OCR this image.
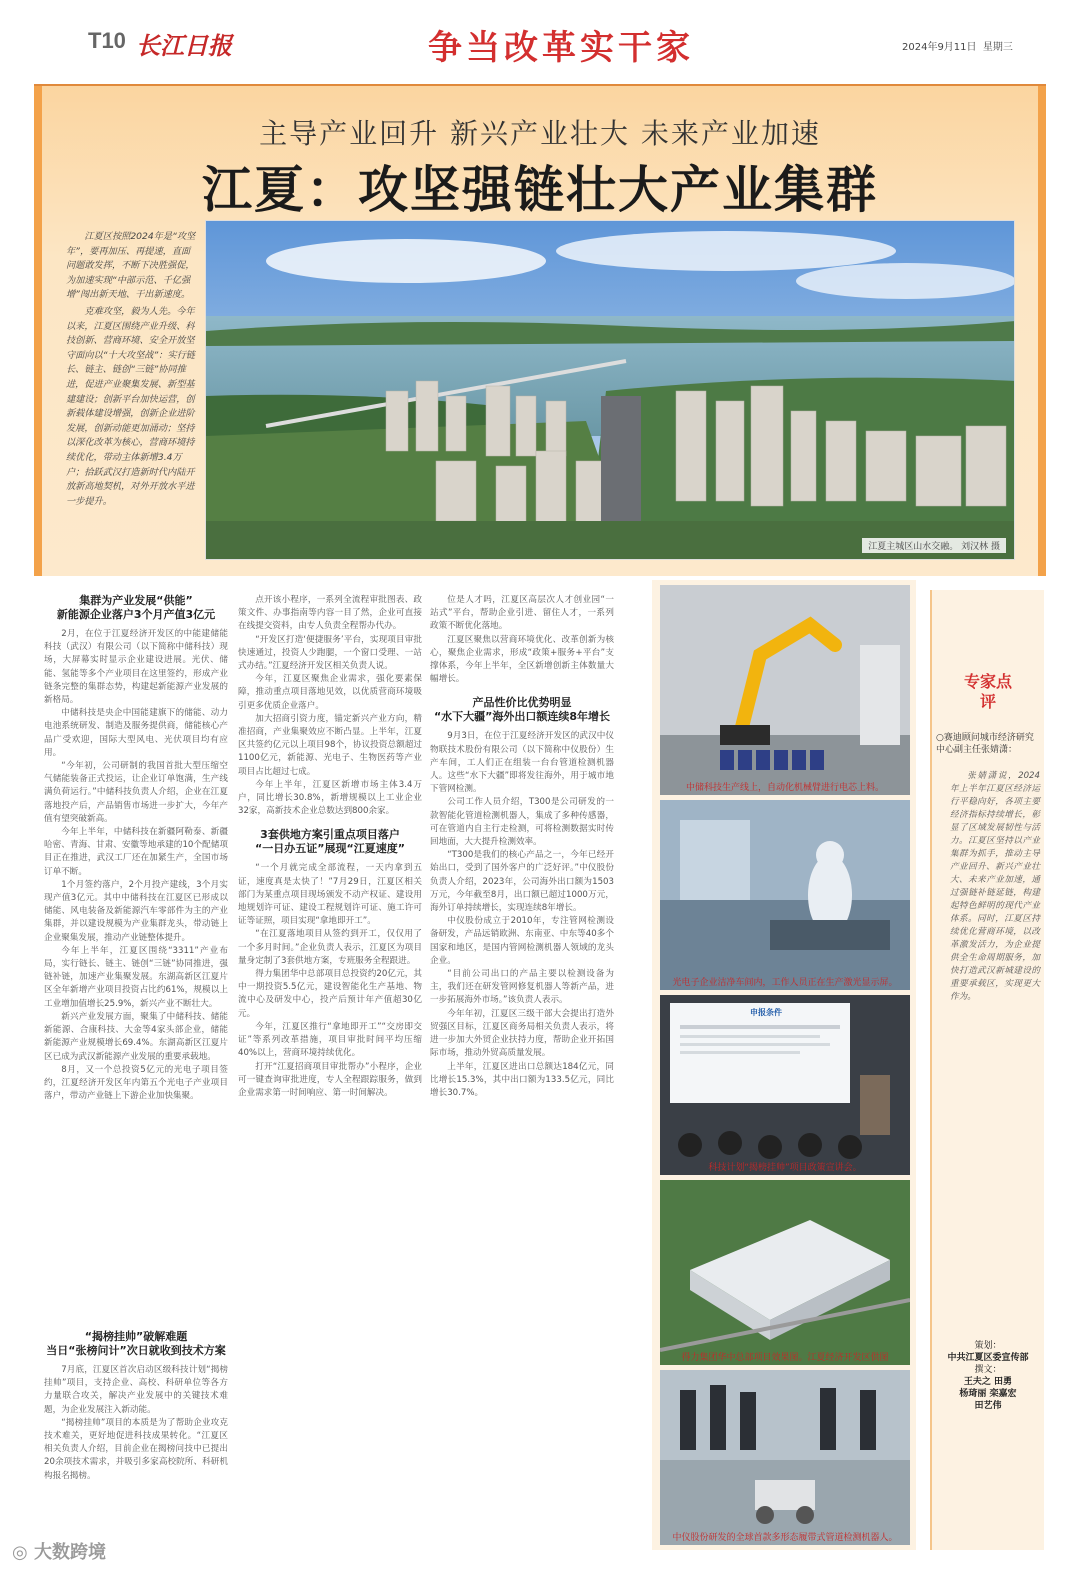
T10 长江日报	争当改革实干家	2024年9月11日 星期三
主导产业回升 新兴产业壮大 未来产业加速
江夏：攻坚强链壮大产业集群

江夏区按照2024年是“攻坚年”，要再加压、再提速，直面问题敢发挥，不断下决胜强促，为加速实现“中部示范、千亿强增”闯出新天地、干出新速度。

克难攻坚，毅为人先。今年以来，江夏区围绕产业升级、科技创新、营商环境、安全开放坚守面向以“十大攻坚战”：实行链长、链主、链创“三链”协同推进，促进产业聚集发展、新型基建建设；创新平台加快运营，创新载体建设增强，创新企业进阶发展，创新动能更加涌动；坚持以深化改革为核心，营商环境持续优化，带动主体新增3.4万户；拾跃武汉打造新时代内陆开放新高地契机，对外开放水平进一步提升。

江夏主城区山水交融。 刘汉林 摄
集群为产业发展“供能”
新能源企业落户3个月产值3亿元

2月，在位于江夏经济开发区的中能建储能科技（武汉）有限公司（以下简称中储科技）现场，大屏幕实时显示企业建设进展。光伏、储能、氢能等多个产业项目在这里签约，形成产业链条完整的集群态势，构建起新能源产业发展的新格局。

中储科技是央企中国能建旗下的储能、动力电池系统研发、制造及服务提供商，储能核心产品广受欢迎，国际大型风电、光伏项目均有应用。

“今年初，公司研制的我国首批大型压缩空气储能装备正式投运，让企业订单饱满，生产线满负荷运行。”中储科技负责人介绍，企业在江夏落地投产后，产品销售市场进一步扩大，今年产值有望突破新高。

今年上半年，中储科技在新疆阿勒泰、新疆哈密、青海、甘肃、安徽等地承建的10个配储项目正在推进，武汉工厂还在加紧生产，全国市场订单不断。

1个月签约落户，2个月投产建线，3个月实现产值3亿元。其中中储科技在江夏区已形成以储能、风电装备及新能源汽车零部件为主的产业集群，并以建设规模为产业集群龙头，带动链上企业聚集发展，推动产业链整体提升。

今年上半年，江夏区围绕“3311”产业布局，实行链长、链主、链创“三链”协同推进，强链补链，加速产业集聚发展。东湖高新区江夏片区全年新增产业项目投资占比约61%，规模以上工业增加值增长25.9%，新兴产业不断壮大。

新兴产业发展方面，聚集了中储科技、储能新能源、合康科技、大金等4家头部企业，储能新能源产业规模增长69.4%。东湖高新区江夏片区已成为武汉新能源产业发展的重要承载地。

8月，又一个总投资5亿元的光电子项目签约，江夏经济开发区年内第五个光电子产业项目落户，带动产业链上下游企业加快集聚。

“揭榜挂帅”破解难题
当日“张榜问计”次日就收到技术方案

7月底，江夏区首次启动区级科技计划“揭榜挂帅”项目，支持企业、高校、科研单位等各方力量联合攻关，解决产业发展中的关键技术难题，为企业发展注入新动能。

“揭榜挂帅”项目的本质是为了帮助企业攻克技术难关，更好地促进科技成果转化。“江夏区相关负责人介绍，目前企业在揭榜问技中已提出20余项技术需求，并吸引多家高校院所、科研机构报名揭榜。

点开该小程序，一系列全流程审批图表、政策文件、办事指南等内容一目了然，企业可直接在线提交资料，由专人负责全程帮办代办。

“开发区打造‘便捷服务’平台，实现项目审批快速通过，投资人少跑腿，一个窗口受理、一站式办结。”江夏经济开发区相关负责人说。

今年，江夏区聚焦企业需求，强化要素保障，推动重点项目落地见效，以优质营商环境吸引更多优质企业落户。

加大招商引资力度，锚定新兴产业方向，精准招商，产业集聚效应不断凸显。上半年，江夏区共签约亿元以上项目98个，协议投资总额超过1100亿元，新能源、光电子、生物医药等产业项目占比超过七成。

今年上半年，江夏区新增市场主体3.4万户，同比增长30.8%，新增规模以上工业企业32家，高新技术企业总数达到800余家。

3套供地方案引重点项目落户
“一日办五证”展现“江夏速度”

“一个月就完成全部流程，一天内拿到五证，速度真是太快了！”7月29日，江夏区相关部门为某重点项目现场颁发不动产权证、建设用地规划许可证、建设工程规划许可证、施工许可证等证照，项目实现“拿地即开工”。

“在江夏落地项目从签约到开工，仅仅用了一个多月时间。”企业负责人表示，江夏区为项目量身定制了3套供地方案，专班服务全程跟进。

得力集团华中总部项目总投资约20亿元，其中一期投资5.5亿元，建设智能化生产基地、物流中心及研发中心，投产后预计年产值超30亿元。

今年，江夏区推行“拿地即开工”“交房即交证”等系列改革措施，项目审批时间平均压缩40%以上，营商环境持续优化。

打开“江夏招商项目审批帮办”小程序，企业可一键查询审批进度，专人全程跟踪服务，做到企业需求第一时间响应、第一时间解决。

位是人才吗，江夏区高层次人才创业园“一站式”平台，帮助企业引进、留住人才，一系列政策不断优化落地。

江夏区聚焦以营商环境优化、改革创新为核心，聚焦企业需求，形成“政策+服务+平台”支撑体系，今年上半年，全区新增创新主体数量大幅增长。

产品性价比优势明显
“水下大疆”海外出口额连续8年增长

9月3日，在位于江夏经济开发区的武汉中仪物联技术股份有限公司（以下简称中仪股份）生产车间，工人们正在组装一台台管道检测机器人。这些“水下大疆”即将发往海外，用于城市地下管网检测。

公司工作人员介绍，T300是公司研发的一款智能化管道检测机器人，集成了多种传感器，可在管道内自主行走检测，可将检测数据实时传回地面，大大提升检测效率。

“T300是我们的核心产品之一，今年已经开始出口，受到了国外客户的广泛好评。”中仪股份负责人介绍，2023年，公司海外出口额为1503万元，今年截至8月，出口额已超过1000万元，海外订单持续增长，实现连续8年增长。

中仪股份成立于2010年，专注管网检测设备研发，产品远销欧洲、东南亚、中东等40多个国家和地区，是国内管网检测机器人领域的龙头企业。

“目前公司出口的产品主要以检测设备为主，我们还在研发管网修复机器人等新产品，进一步拓展海外市场。”该负责人表示。

今年年初，江夏区三级干部大会提出打造外贸强区目标，江夏区商务局相关负责人表示，将进一步加大外贸企业扶持力度，帮助企业开拓国际市场，推动外贸高质量发展。

上半年，江夏区进出口总额达184亿元，同比增长15.3%，其中出口额为133.5亿元，同比增长30.7%。

中储科技生产线上，自动化机械臂进行电芯上料。
光电子企业洁净车间内，工作人员正在生产激光显示屏。
申报条件
科技计划“揭榜挂帅”项目政策宣讲会。
得力集团华中总部项目效果图。江夏经济开发区供图
中仪股份研发的全球首款多形态履带式管道检测机器人。
专家点评
○赛迪顾问城市经济研究中心副主任张婧潇：

张婧潇说，2024年上半年江夏区经济运行平稳向好，各项主要经济指标持续增长，彰显了区域发展韧性与活力。江夏区坚持以产业集群为抓手，推动主导产业回升、新兴产业壮大、未来产业加速，通过强链补链延链，构建起特色鲜明的现代产业体系。同时，江夏区持续优化营商环境，以改革激发活力，为企业提供全生命周期服务，加快打造武汉新城建设的重要承载区，实现更大作为。

策划：
中共江夏区委宣传部
撰文：
王夫之 田勇
杨琦丽 栾嘉宏
田艺伟
◎ 大数跨境
